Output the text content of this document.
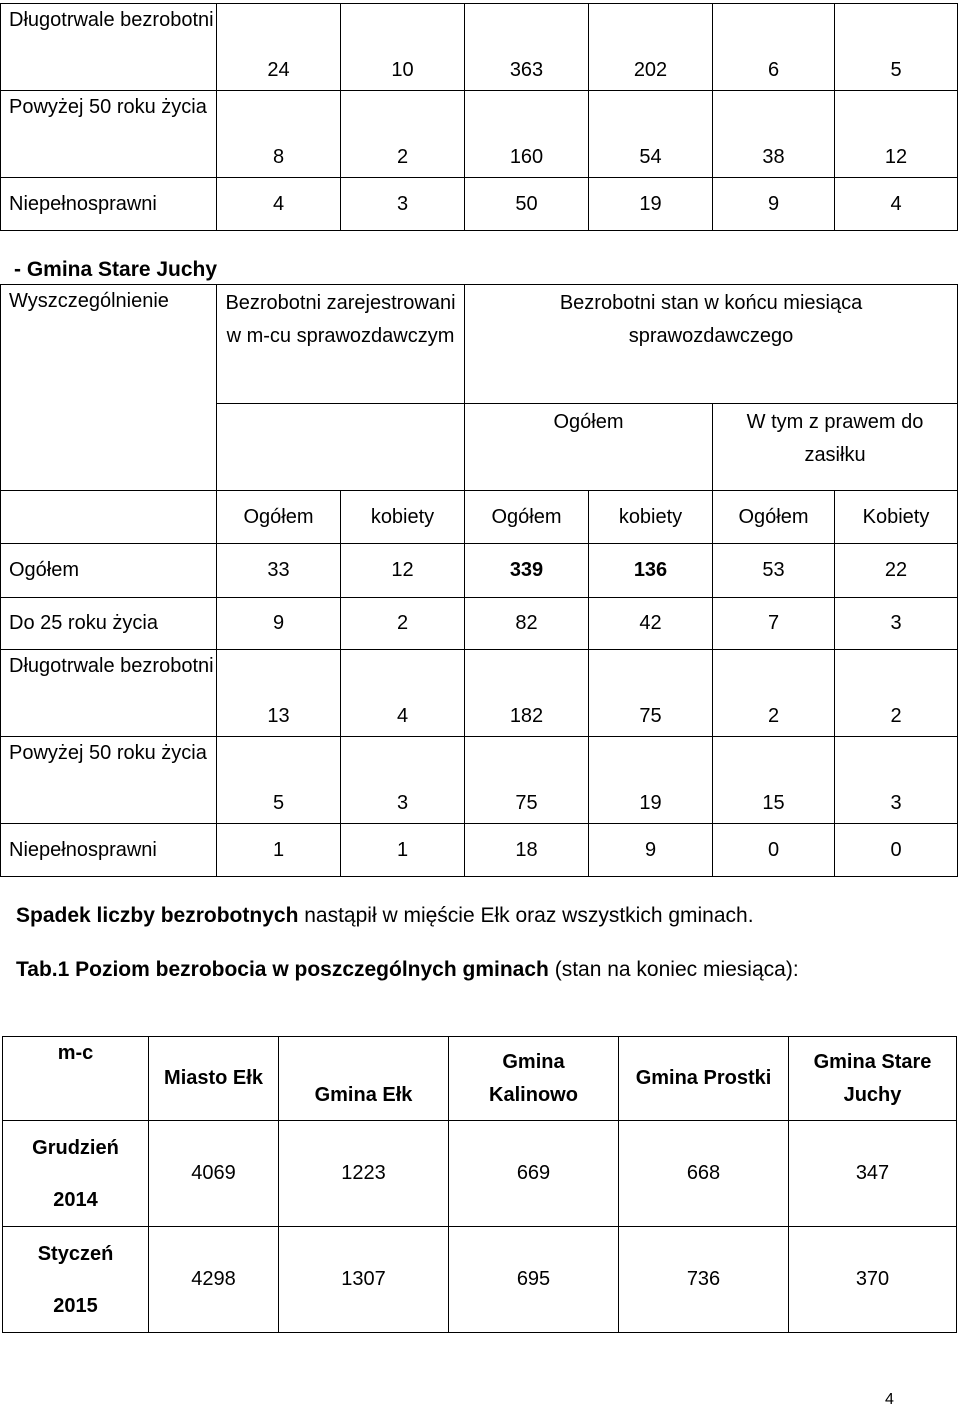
Długotrwale bezrobotni	24	10	363	202	6	5
Powyżej 50 roku życia	8	2	160	54	38	12
Niepełnosprawni	4	3	50	19	9	4
- Gmina Stare Juchy
Wyszczególnienie	Bezrobotni zarejestrowani w m-cu sprawozdawczym		Bezrobotni stan w końcu miesiąca sprawozdawczego			
			Ogółem		W tym z prawem do zasiłku	
	Ogółem	kobiety	Ogółem	kobiety	Ogółem	Kobiety
Ogółem	33	12	339	136	53	22
Do 25 roku życia	9	2	82	42	7	3
Długotrwale bezrobotni	13	4	182	75	2	2
Powyżej 50 roku życia	5	3	75	19	15	3
Niepełnosprawni	1	1	18	9	0	0
Spadek liczby bezrobotnych nastąpił w mięście Ełk oraz wszystkich gminach.
Tab.1 Poziom bezrobocia w poszczególnych gminach (stan na koniec miesiąca):
m-c	Miasto Ełk	Gmina Ełk	Gmina Kalinowo	Gmina Prostki	Gmina Stare Juchy
Grudzień
2014	4069	1223	669	668	347
Styczeń
2015	4298	1307	695	736	370
4
